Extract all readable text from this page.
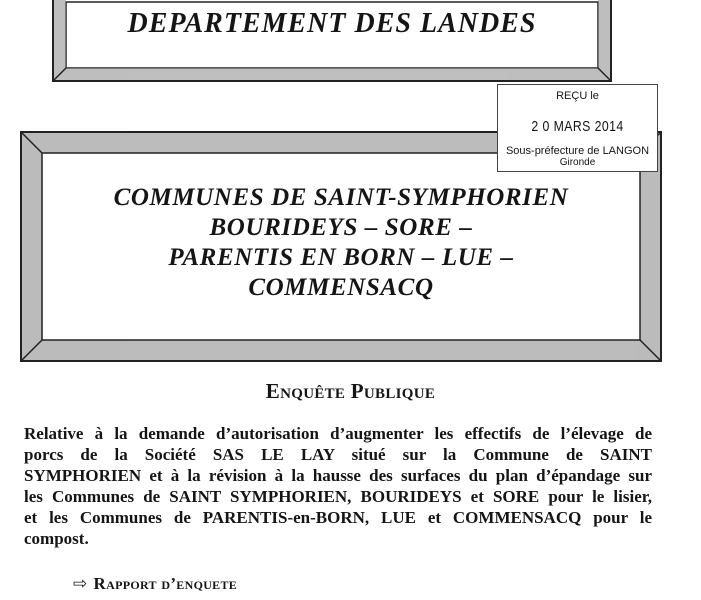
DEPARTEMENT DES LANDES
COMMUNES DE SAINT-SYMPHORIEN
BOURIDEYS – SORE –
PARENTIS EN BORN – LUE –
COMMENSACQ
REÇU le
2 0 MARS 2014
Sous-préfecture de LANGON
Gironde
Enquête Publique
Relative à la demande d’autorisation d’augmenter les effectifs de l’élevage de
porcs de la Société SAS LE LAY situé sur la Commune de SAINT
SYMPHORIEN et à la révision à la hausse des surfaces du plan d’épandage sur
les Communes de SAINT SYMPHORIEN, BOURIDEYS et SORE pour le lisier,
et les Communes de PARENTIS-en-BORN, LUE et COMMENSACQ pour le
compost.
⇨ Rapport d’enquete
